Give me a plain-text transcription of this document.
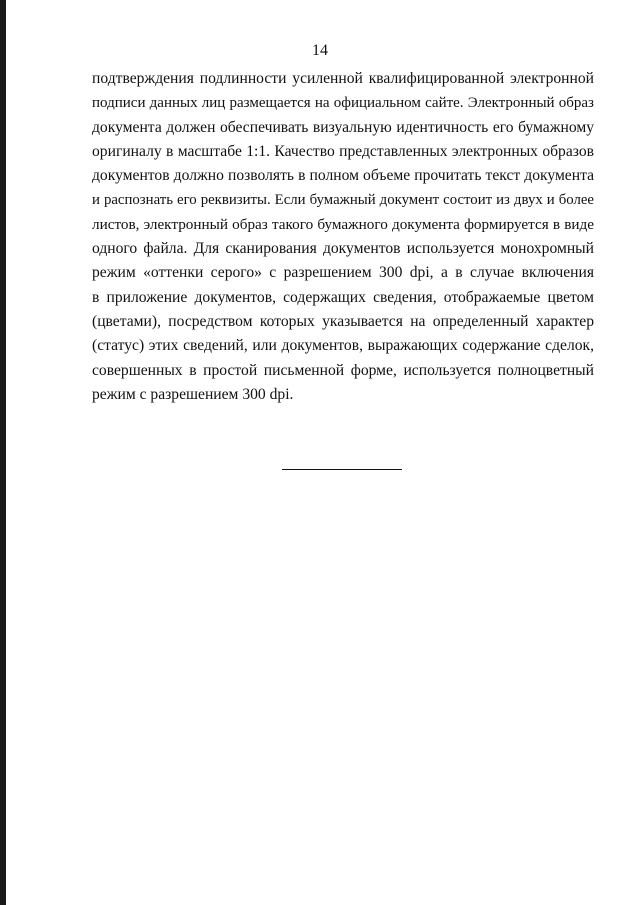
14
подтверждения подлинности усиленной квалифицированной электронной
подписи данных лиц размещается на официальном сайте. Электронный образ
документа должен обеспечивать визуальную идентичность его бумажному
оригиналу в масштабе 1:1. Качество представленных электронных образов
документов должно позволять в полном объеме прочитать текст документа
и распознать его реквизиты. Если бумажный документ состоит из двух и более
листов, электронный образ такого бумажного документа формируется в виде
одного файла. Для сканирования документов используется монохромный
режим «оттенки серого» с разрешением 300 dpi, а в случае включения
в приложение документов, содержащих сведения, отображаемые цветом
(цветами), посредством которых указывается на определенный характер
(статус) этих сведений, или документов, выражающих содержание сделок,
совершенных в простой письменной форме, используется полноцветный
режим с разрешением 300 dpi.
